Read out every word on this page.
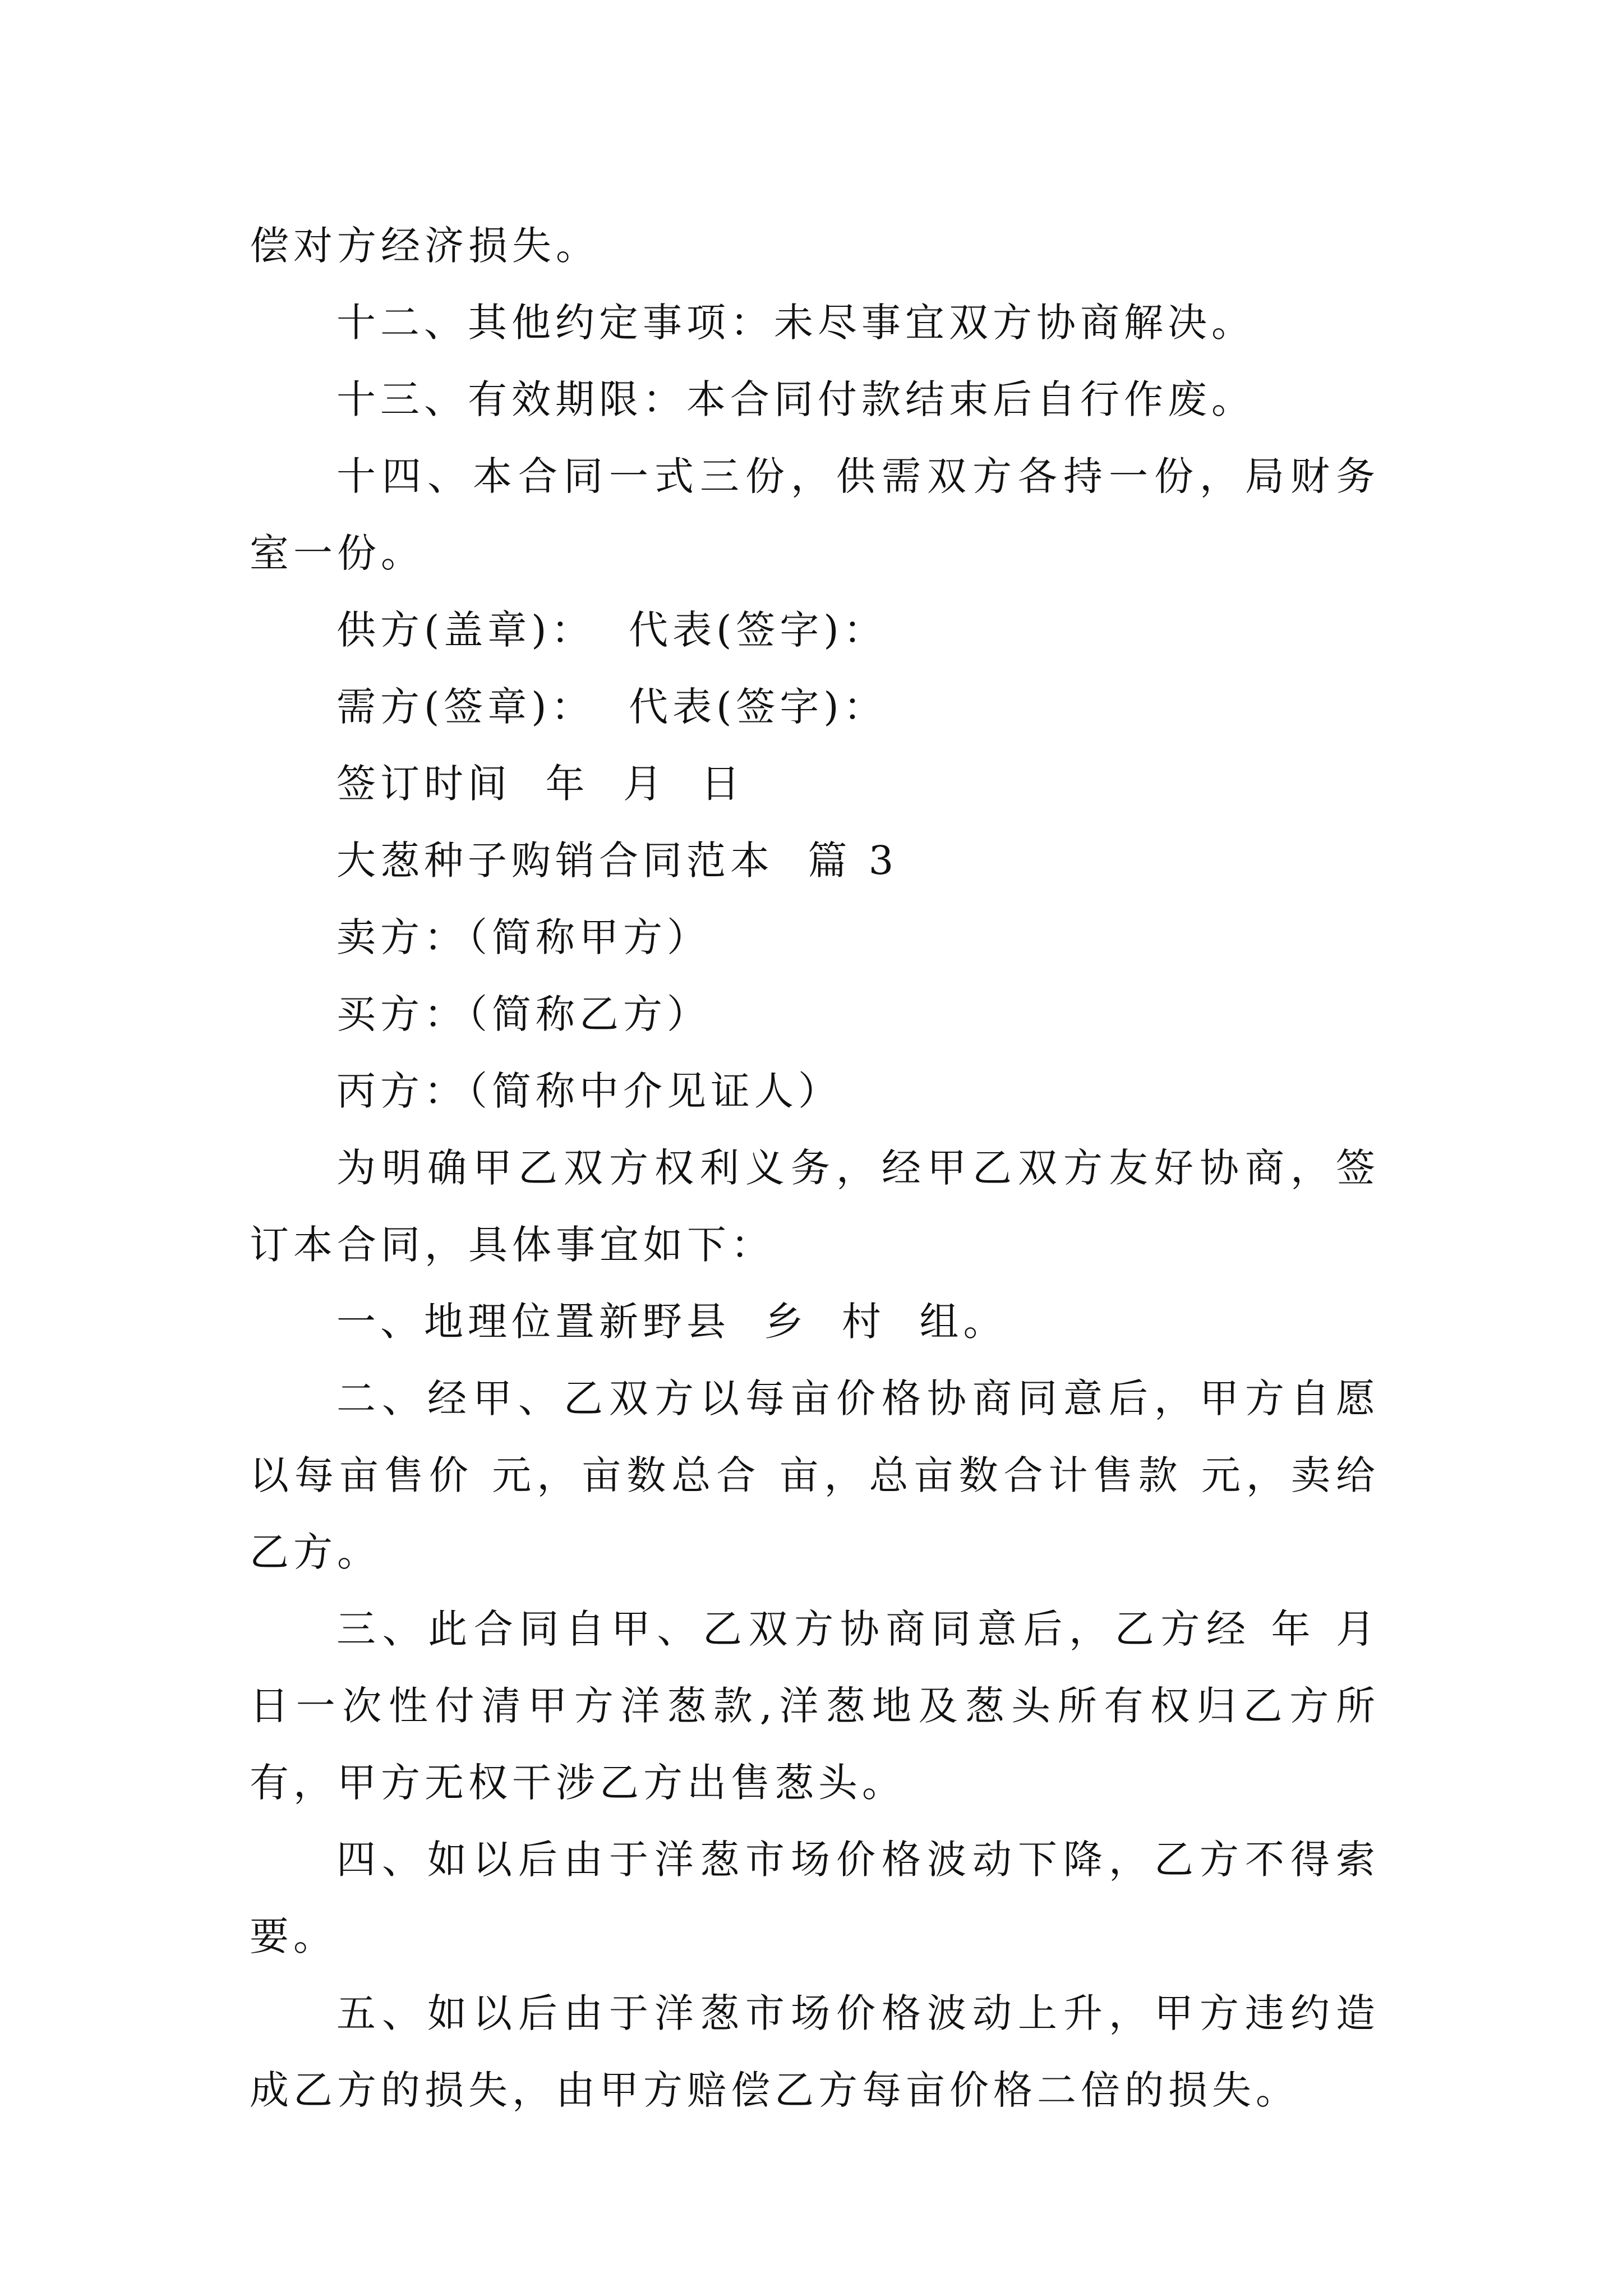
偿对方经济损失。

十二、其他约定事项：未尽事宜双方协商解决。

十三、有效期限：本合同付款结束后自行作废。

十四、本合同一式三份，供需双方各持一份，局财务室一份。

供方(盖章)：  代表(签字)：

需方(签章)：  代表(签字)：

签订时间  年  月  日

大葱种子购销合同范本  篇 3

卖方：（简称甲方）

买方：（简称乙方）

丙方：（简称中介见证人）

为明确甲乙双方权利义务，经甲乙双方友好协商，签订本合同，具体事宜如下：

一、地理位置新野县  乡  村  组。

二、经甲、乙双方以每亩价格协商同意后，甲方自愿以每亩售价 元，亩数总合 亩，总亩数合计售款 元，卖给乙方。

三、此合同自甲、乙双方协商同意后，乙方经 年 月 日一次性付清甲方洋葱款,洋葱地及葱头所有权归乙方所有，甲方无权干涉乙方出售葱头。

四、如以后由于洋葱市场价格波动下降，乙方不得索要。

五、如以后由于洋葱市场价格波动上升，甲方违约造成乙方的损失，由甲方赔偿乙方每亩价格二倍的损失。
